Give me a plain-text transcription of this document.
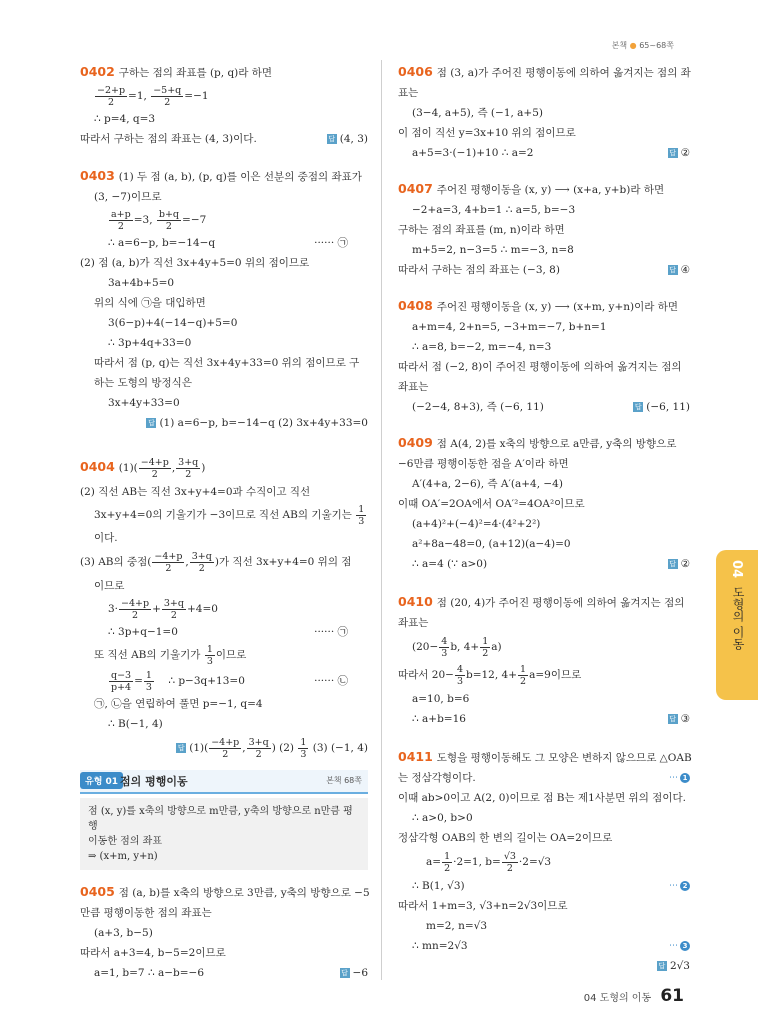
본책 ● 65~68쪽
0402 구하는 점의 좌표를 (p, q)라 하면
$\frac{-2+p}{2} =1$, $\frac{-5+q}{2} =-1$
∴ p=4, q=3
따라서 구하는 점의 좌표는 (4, 3)이다.	답 (4, 3)
0403 (1) 두 점 (a, b), (p, q)를 이은 선분의 중점의 좌표가
(3, −7)이므로
$\frac{a+p}{2} =3$, $\frac{b+q}{2} =-7$
∴ a=6−p, b=−14−q	······ ㉠
(2) 점 (a, b)가 직선 3x+4y+5=0 위의 점이므로
3a+4b+5=0
위의 식에 ㉠을 대입하면
3(6−p)+4(−14−q)+5=0
∴ 3p+4q+33=0
따라서 점 (p, q)는 직선 3x+4y+33=0 위의 점이므로 구
하는 도형의 방정식은
3x+4y+33=0
답 (1) a=6−p, b=−14−q (2) 3x+4y+33=0
0404 $(1)( \frac{-4+p}{2}$ , $\frac{3+q}{2}$ )
(2) 직선 AB는 직선 3x+y+4=0과 수직이고 직선
3x+y+4=0의 기울기가 −3이므로 직선 AB의 기울기는 $\frac{1}{3}$
이다.
(3) AB의 중점( $\frac{-4+p}{2}$ , $\frac{3+q}{2}$ )가 직선 3x+y+4=0 위의 점
이므로
$3\cdot \frac{-4+p}{2} + \frac{3+q}{2} +4=0$
∴ 3p+q−1=0	······ ㉠
또 직선 AB의 기울기가 $\frac{1}{3}$ 이므로
$\frac{q-3}{p+4} = \frac{1}{3}$ ∴ p−3q+13=0	······ ㉡
㉠, ㉡을 연립하여 풀면 p=−1, q=4
∴ B(−1, 4)
답 $(1)( \frac{-4+p}{2}$ , $\frac{3+q}{2}$ ) $(2) \frac{1}{3} (3)$ (−1, 4)
유형 01 점의 평행이동	본책 68쪽
점 (x, y)를 x축의 방향으로 m만큼, y축의 방향으로 n만큼 평행
이동한 점의 좌표
⇒ (x+m, y+n)
0405 점 (a, b)를 x축의 방향으로 3만큼, y축의 방향으로 −5
만큼 평행이동한 점의 좌표는
(a+3, b−5)
따라서 a+3=4, b−5=2이므로
a=1, b=7 ∴ a−b=−6	답 −6
0406 점 (3, a)가 주어진 평행이동에 의하여 옮겨지는 점의 좌
표는
(3−4, a+5), 즉 (−1, a+5)
이 점이 직선 y=3x+10 위의 점이므로
a+5=3·(−1)+10 ∴ a=2	답 ②
0407 주어진 평행이동을 (x, y) ⟶ (x+a, y+b)라 하면
−2+a=3, 4+b=1 ∴ a=5, b=−3
구하는 점의 좌표를 (m, n)이라 하면
m+5=2, n−3=5 ∴ m=−3, n=8
따라서 구하는 점의 좌표는 (−3, 8)	답 ④
0408 주어진 평행이동을 (x, y) ⟶ (x+m, y+n)이라 하면
a+m=4, 2+n=5, −3+m=−7, b+n=1
∴ a=8, b=−2, m=−4, n=3
따라서 점 (−2, 8)이 주어진 평행이동에 의하여 옮겨지는 점의
좌표는
(−2−4, 8+3), 즉 (−6, 11)	답 (−6, 11)
0409 점 A(4, 2)를 x축의 방향으로 a만큼, y축의 방향으로
−6만큼 평행이동한 점을 A′이라 하면
A′(4+a, 2−6), 즉 A′(a+4, −4)
이때 OA′=2OA에서 OA′²=4OA²이므로
(a+4)²+(−4)²=4·(4²+2²)
a²+8a−48=0, (a+12)(a−4)=0
∴ a=4 (∵ a>0)	답 ②
0410 점 (20, 4)가 주어진 평행이동에 의하여 옮겨지는 점의
좌표는
($20- \frac{4}{3} b$, $4+ \frac{1}{2} a$)
따라서 $20- \frac{4}{3} b=12$, $4+ \frac{1}{2} a=9$이므로
a=10, b=6
∴ a+b=16	답 ③
0411 도형을 평행이동해도 그 모양은 변하지 않으므로 △OAB
는 정삼각형이다.	⋯ 1
이때 ab>0이고 A(2, 0)이므로 점 B는 제1사분면 위의 점이다.
∴ a>0, b>0
정삼각형 OAB의 한 변의 길이는 OA=2이므로
$a= \frac{1}{2} \cdot 2=1$, $b= \frac{√3}{2} \cdot 2=√3$
∴ B(1, √3)	⋯ 2
따라서 1+m=3, √3+n=2√3이므로
m=2, n=√3
∴ mn=2√3	⋯ 3
답 2√3
04
도형의 이동
04 도형의 이동 61
